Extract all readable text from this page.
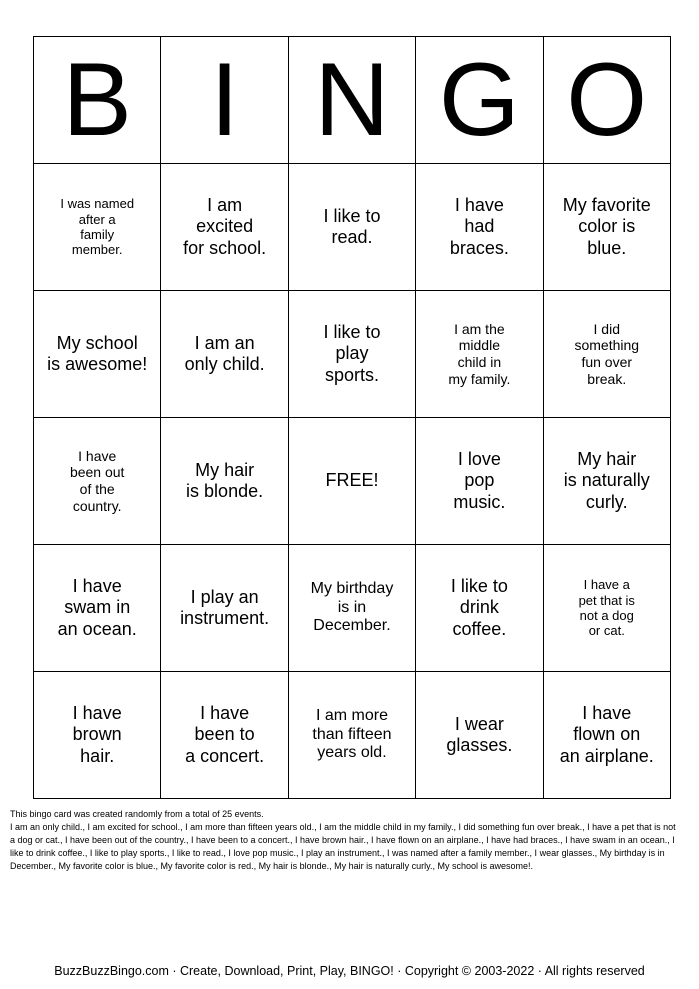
B	I	N	G	O

I was named
after a
family
member.	I am
excited
for school.	I like to
read.	I have
had
braces.	My favorite
color is
blue.

My school
is awesome!	I am an
only child.	I like to
play
sports.	I am the
middle
child in
my family.	I did
something
fun over
break.

I have
been out
of the
country.	My hair
is blonde.	FREE!	I love
pop
music.	My hair
is naturally
curly.

I have
swam in
an ocean.	I play an
instrument.	My birthday
is in
December.	I like to
drink
coffee.	I have a
pet that is
not a dog
or cat.

I have
brown
hair.	I have
been to
a concert.	I am more
than fifteen
years old.	I wear
glasses.	I have
flown on
an airplane.

This bingo card was created randomly from a total of 25 events.

I am an only child., I am excited for school., I am more than fifteen years old., I am the middle child in my family., I did something fun over break., I have a pet that is not a dog or cat., I have been out of the country., I have been to a concert., I have brown hair., I have flown on an airplane., I have had braces., I have swam in an ocean., I like to drink coffee., I like to play sports., I like to read., I love pop music., I play an instrument., I was named after a family member., I wear glasses., My birthday is in December., My favorite color is blue., My favorite color is red., My hair is blonde., My hair is naturally curly., My school is awesome!.

BuzzBuzzBingo.com · Create, Download, Print, Play, BINGO! · Copyright © 2003-2022 · All rights reserved
